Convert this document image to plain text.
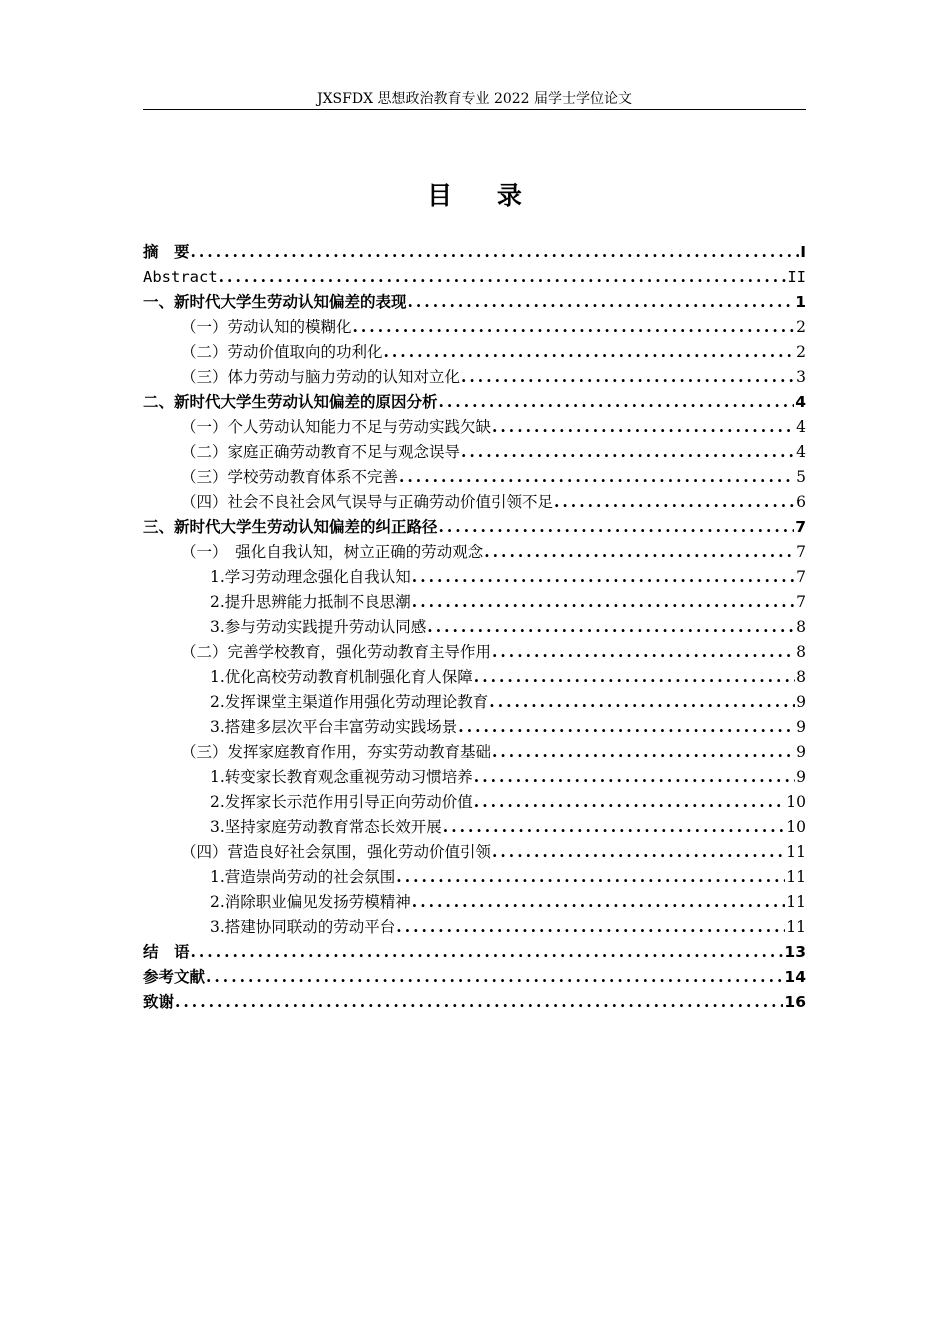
JXSFDX 思想政治教育专业 2022 届学士学位论文
目 录
摘　要 .....	I
Abstract .....	II
一、新时代大学生劳动认知偏差的表现 .....	1
（一）劳动认知的模糊化 .....	2
（二）劳动价值取向的功利化 .....	2
（三）体力劳动与脑力劳动的认知对立化 .....	3
二、新时代大学生劳动认知偏差的原因分析 .....	4
（一）个人劳动认知能力不足与劳动实践欠缺 .....	4
（二）家庭正确劳动教育不足与观念误导 .....	4
（三）学校劳动教育体系不完善 .....	5
（四）社会不良社会风气误导与正确劳动价值引领不足 .....	6
三、新时代大学生劳动认知偏差的纠正路径 .....	7
（一）　强化自我认知，树立正确的劳动观念 .....	7
1.学习劳动理念强化自我认知 .....	7
2.提升思辨能力抵制不良思潮 .....	7
3.参与劳动实践提升劳动认同感 .....	8
（二）完善学校教育，强化劳动教育主导作用 .....	8
1.优化高校劳动教育机制强化育人保障 .....	8
2.发挥课堂主渠道作用强化劳动理论教育 .....	9
3.搭建多层次平台丰富劳动实践场景 .....	9
（三）发挥家庭教育作用，夯实劳动教育基础 .....	9
1.转变家长教育观念重视劳动习惯培养 .....	9
2.发挥家长示范作用引导正向劳动价值 .....	10
3.坚持家庭劳动教育常态长效开展 .....	10
（四）营造良好社会氛围，强化劳动价值引领 .....	11
1.营造崇尚劳动的社会氛围 .....	11
2.消除职业偏见发扬劳模精神 .....	11
3.搭建协同联动的劳动平台 .....	11
结　语 .....	13
参考文献 .....	14
致谢 .....	16
